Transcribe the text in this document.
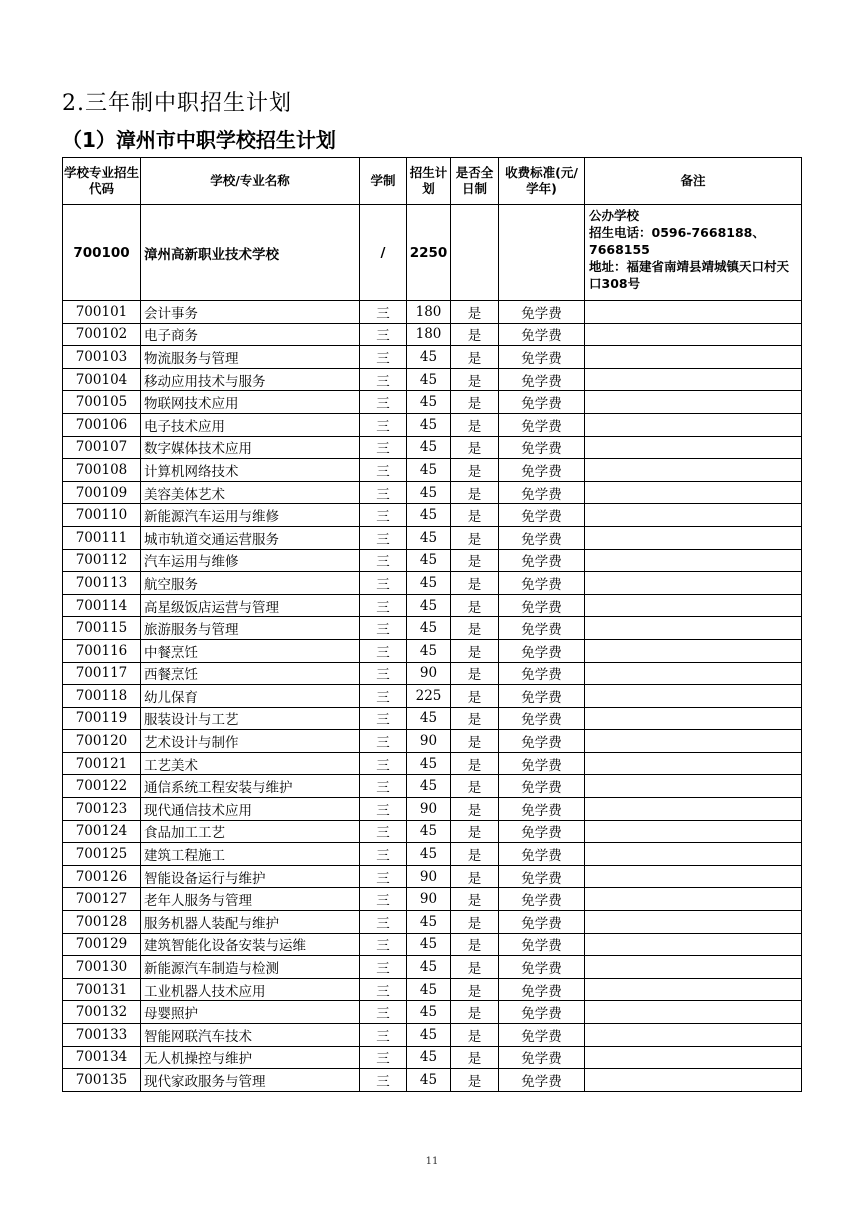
2.三年制中职招生计划
（1）漳州市中职学校招生计划
学校专业招生代码	学校/专业名称	学制	招生计划	是否全日制	收费标准(元/学年)	备注
700100	漳州高新职业技术学校	/	2250			公办学校
招生电话：0596-7668188、7668155
地址：福建省南靖县靖城镇天口村天口308号

700101	会计事务	三	180	是	免学费	
700102	电子商务	三	180	是	免学费	
700103	物流服务与管理	三	45	是	免学费	
700104	移动应用技术与服务	三	45	是	免学费	
700105	物联网技术应用	三	45	是	免学费	
700106	电子技术应用	三	45	是	免学费	
700107	数字媒体技术应用	三	45	是	免学费	
700108	计算机网络技术	三	45	是	免学费	
700109	美容美体艺术	三	45	是	免学费	
700110	新能源汽车运用与维修	三	45	是	免学费	
700111	城市轨道交通运营服务	三	45	是	免学费	
700112	汽车运用与维修	三	45	是	免学费	
700113	航空服务	三	45	是	免学费	
700114	高星级饭店运营与管理	三	45	是	免学费	
700115	旅游服务与管理	三	45	是	免学费	
700116	中餐烹饪	三	45	是	免学费	
700117	西餐烹饪	三	90	是	免学费	
700118	幼儿保育	三	225	是	免学费	
700119	服装设计与工艺	三	45	是	免学费	
700120	艺术设计与制作	三	90	是	免学费	
700121	工艺美术	三	45	是	免学费	
700122	通信系统工程安装与维护	三	45	是	免学费	
700123	现代通信技术应用	三	90	是	免学费	
700124	食品加工工艺	三	45	是	免学费	
700125	建筑工程施工	三	45	是	免学费	
700126	智能设备运行与维护	三	90	是	免学费	
700127	老年人服务与管理	三	90	是	免学费	
700128	服务机器人装配与维护	三	45	是	免学费	
700129	建筑智能化设备安装与运维	三	45	是	免学费	
700130	新能源汽车制造与检测	三	45	是	免学费	
700131	工业机器人技术应用	三	45	是	免学费	
700132	母婴照护	三	45	是	免学费	
700133	智能网联汽车技术	三	45	是	免学费	
700134	无人机操控与维护	三	45	是	免学费	
700135	现代家政服务与管理	三	45	是	免学费	
11
